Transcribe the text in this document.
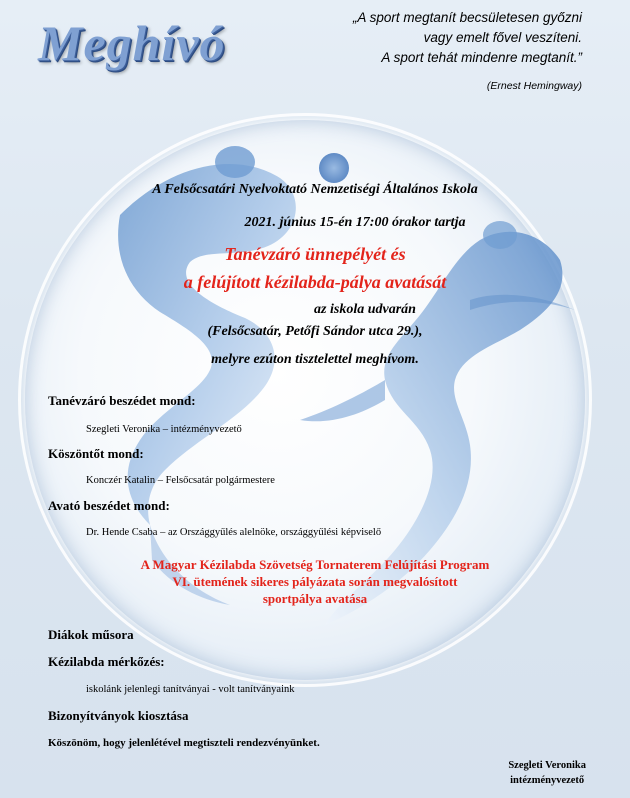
Meghívó	„A sport megtanít becsületesen győzni
vagy emelt fővel veszíteni.
A sport tehát mindenre megtanít.”
(Ernest Hemingway)
A Felsőcsatári Nyelvoktató Nemzetiségi Általános Iskola
2021. június 15-én 17:00 órakor tartja
Tanévzáró ünnepélyét és
a felújított kézilabda-pálya avatását
az iskola udvarán
(Felsőcsatár, Petőfi Sándor utca 29.),
melyre ezúton tisztelettel meghívom.
Tanévzáró beszédet mond:
Szegleti Veronika – intézményvezető
Köszöntőt mond:
Konczér Katalin – Felsőcsatár polgármestere
Avató beszédet mond:
Dr. Hende Csaba – az Országgyűlés alelnöke, országgyűlési képviselő
A Magyar Kézilabda Szövetség Tornaterem Felújítási Program
VI. ütemének sikeres pályázata során megvalósított
sportpálya avatása
Diákok műsora
Kézilabda mérkőzés:
iskolánk jelenlegi tanítványai - volt tanítványaink
Bizonyítványok kiosztása
Köszönöm, hogy jelenlétével megtiszteli rendezvényünket.
Szegleti Veronika
intézményvezető
